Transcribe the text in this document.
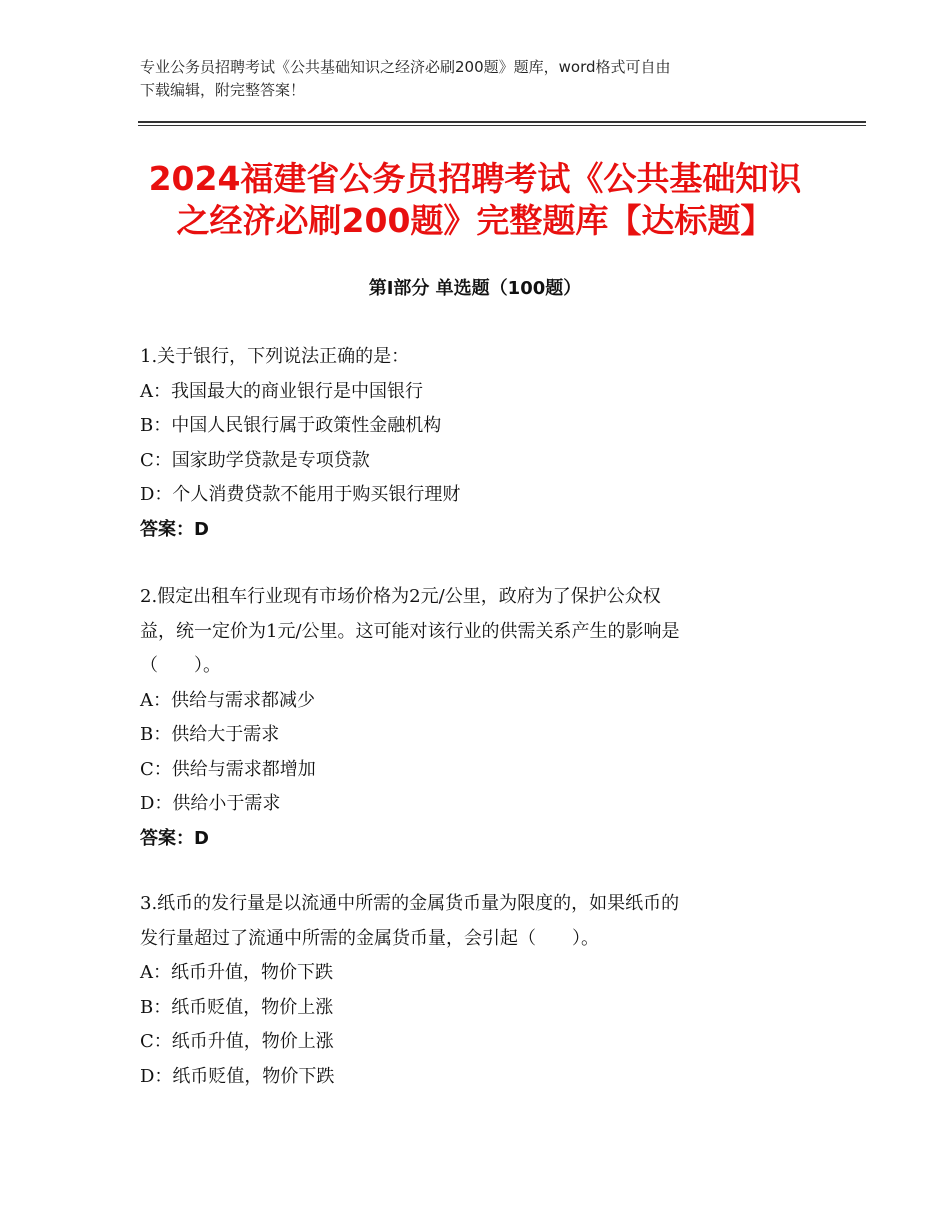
专业公务员招聘考试《公共基础知识之经济必刷200题》题库，word格式可自由
下载编辑，附完整答案！
2024福建省公务员招聘考试《公共基础知识
之经济必刷200题》完整题库【达标题】
第Ⅰ部分 单选题（100题）

1.关于银行，下列说法正确的是：

A：我国最大的商业银行是中国银行

B：中国人民银行属于政策性金融机构

C：国家助学贷款是专项贷款

D：个人消费贷款不能用于购买银行理财

答案：D

2.假定出租车行业现有市场价格为2元/公里，政府为了保护公众权

益，统一定价为1元/公里。这可能对该行业的供需关系产生的影响是

（　　）。

A：供给与需求都减少

B：供给大于需求

C：供给与需求都增加

D：供给小于需求

答案：D

3.纸币的发行量是以流通中所需的金属货币量为限度的，如果纸币的

发行量超过了流通中所需的金属货币量，会引起（　　）。

A：纸币升值，物价下跌

B：纸币贬值，物价上涨

C：纸币升值，物价上涨

D：纸币贬值，物价下跌
